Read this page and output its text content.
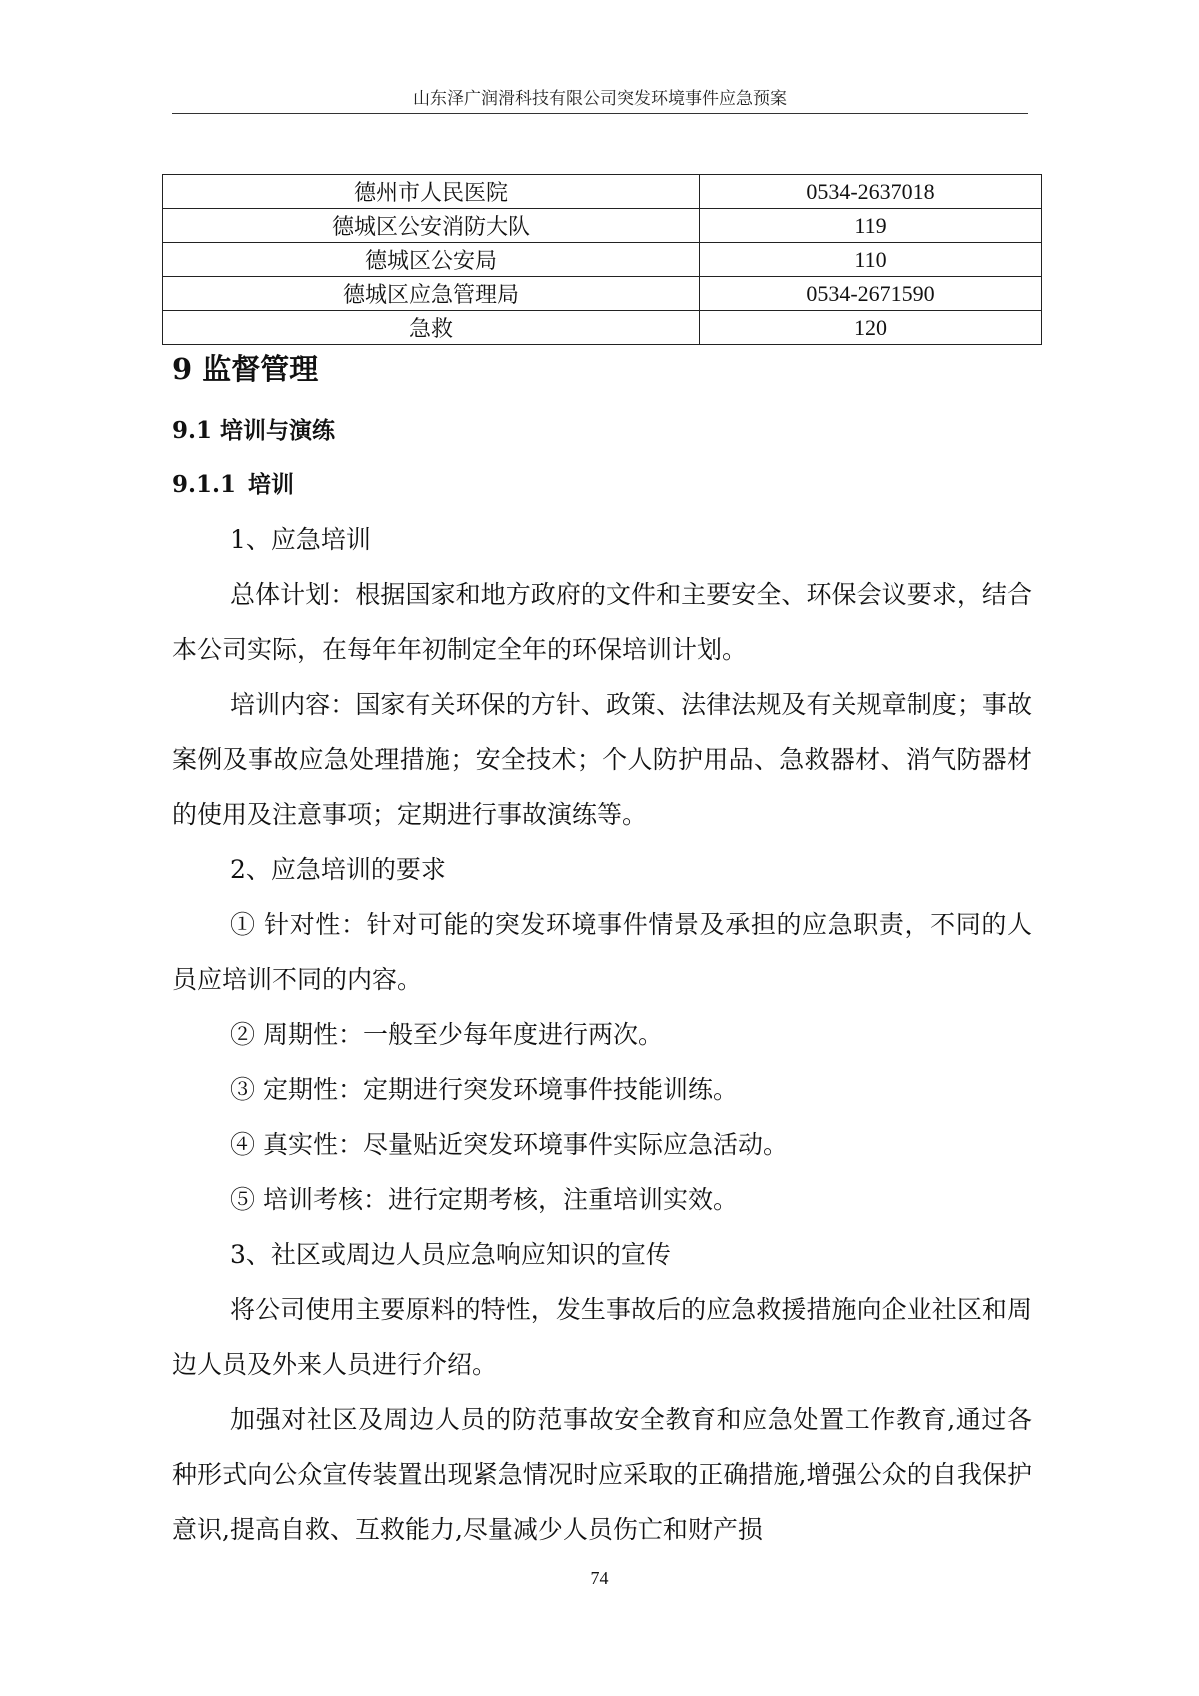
山东泽广润滑科技有限公司突发环境事件应急预案
德州市人民医院	0534-2637018
德城区公安消防大队	119
德城区公安局	110
德城区应急管理局	0534-2671590
急救	120
9 监督管理
9.1 培训与演练
9.1.1 培训

1、应急培训

总体计划：根据国家和地方政府的文件和主要安全、环保会议要求，结合本公司实际，在每年年初制定全年的环保培训计划。

培训内容：国家有关环保的方针、政策、法律法规及有关规章制度；事故案例及事故应急处理措施；安全技术；个人防护用品、急救器材、消气防器材的使用及注意事项；定期进行事故演练等。

2、应急培训的要求

① 针对性：针对可能的突发环境事件情景及承担的应急职责，不同的人员应培训不同的内容。

② 周期性：一般至少每年度进行两次。

③ 定期性：定期进行突发环境事件技能训练。

④ 真实性：尽量贴近突发环境事件实际应急活动。

⑤ 培训考核：进行定期考核，注重培训实效。

3、社区或周边人员应急响应知识的宣传

将公司使用主要原料的特性，发生事故后的应急救援措施向企业社区和周边人员及外来人员进行介绍。

加强对社区及周边人员的防范事故安全教育和应急处置工作教育,通过各种形式向公众宣传装置出现紧急情况时应采取的正确措施,增强公众的自我保护意识,提高自救、互救能力,尽量减少人员伤亡和财产损

74
